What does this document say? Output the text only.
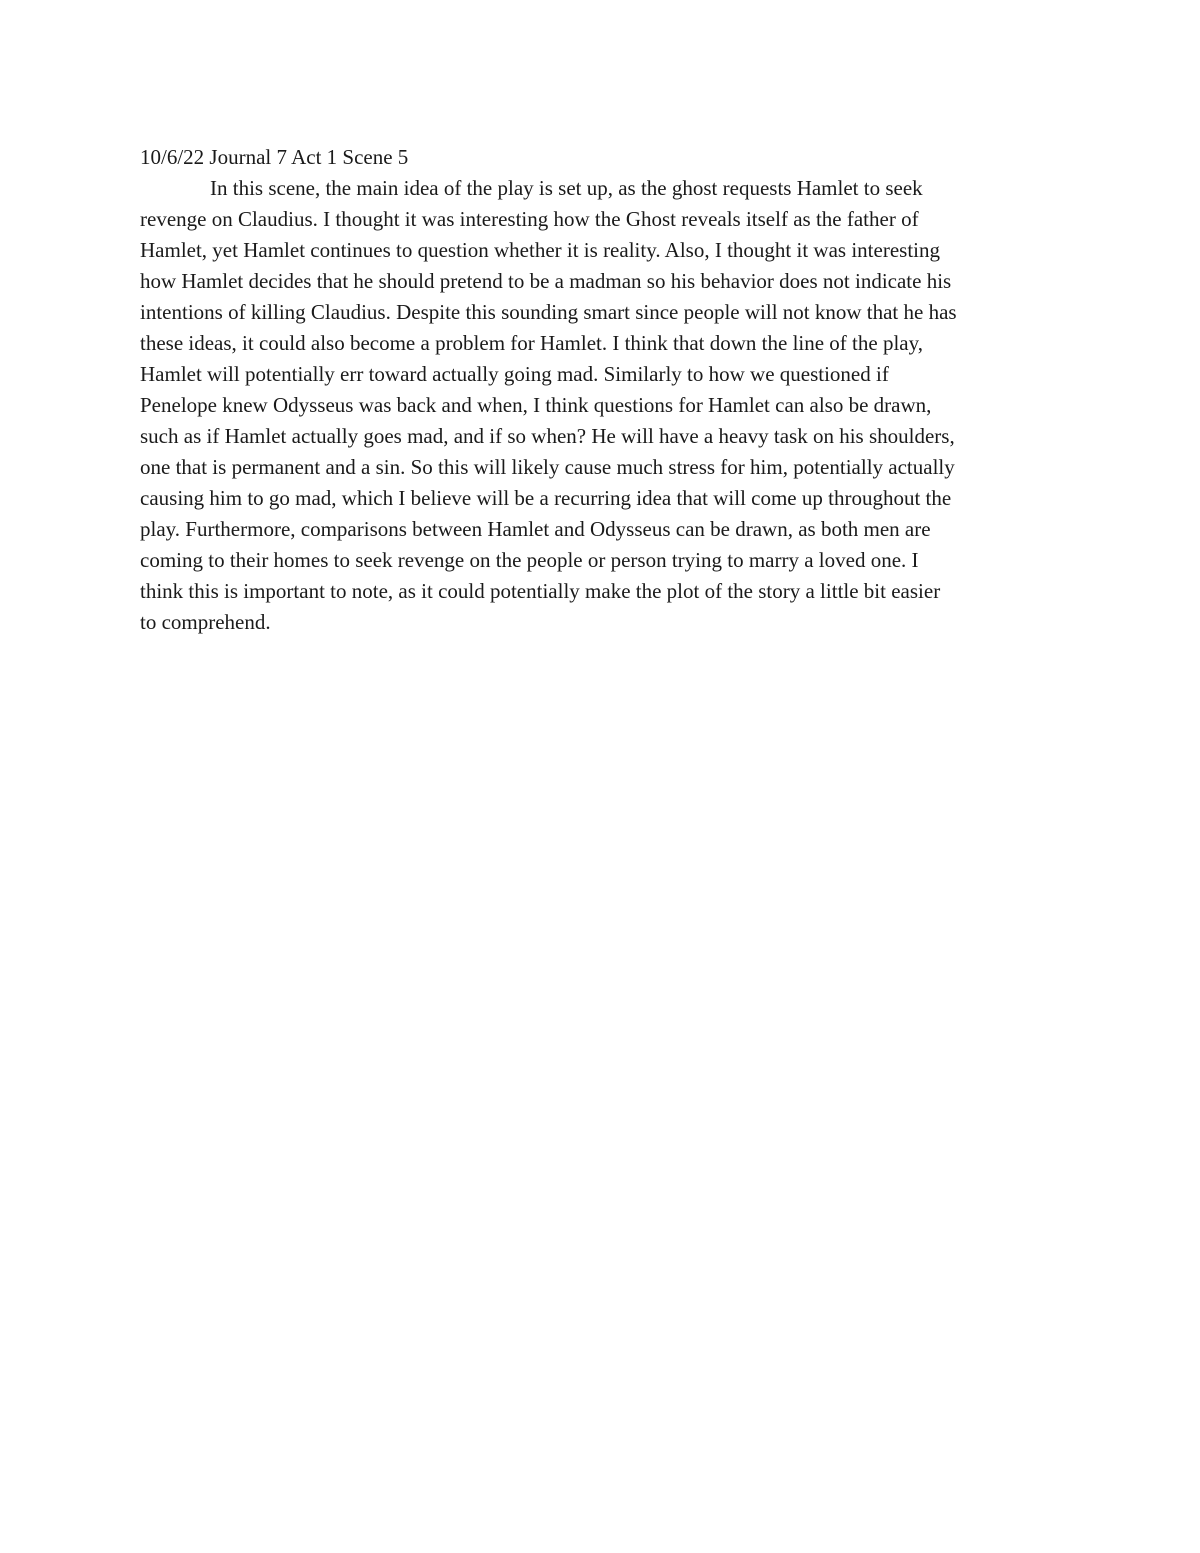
10/6/22 Journal 7 Act 1 Scene 5
In this scene, the main idea of the play is set up, as the ghost requests Hamlet to seek
revenge on Claudius. I thought it was interesting how the Ghost reveals itself as the father of
Hamlet, yet Hamlet continues to question whether it is reality. Also, I thought it was interesting
how Hamlet decides that he should pretend to be a madman so his behavior does not indicate his
intentions of killing Claudius. Despite this sounding smart since people will not know that he has
these ideas, it could also become a problem for Hamlet. I think that down the line of the play,
Hamlet will potentially err toward actually going mad. Similarly to how we questioned if
Penelope knew Odysseus was back and when, I think questions for Hamlet can also be drawn,
such as if Hamlet actually goes mad, and if so when? He will have a heavy task on his shoulders,
one that is permanent and a sin. So this will likely cause much stress for him, potentially actually
causing him to go mad, which I believe will be a recurring idea that will come up throughout the
play. Furthermore, comparisons between Hamlet and Odysseus can be drawn, as both men are
coming to their homes to seek revenge on the people or person trying to marry a loved one. I
think this is important to note, as it could potentially make the plot of the story a little bit easier
to comprehend.
